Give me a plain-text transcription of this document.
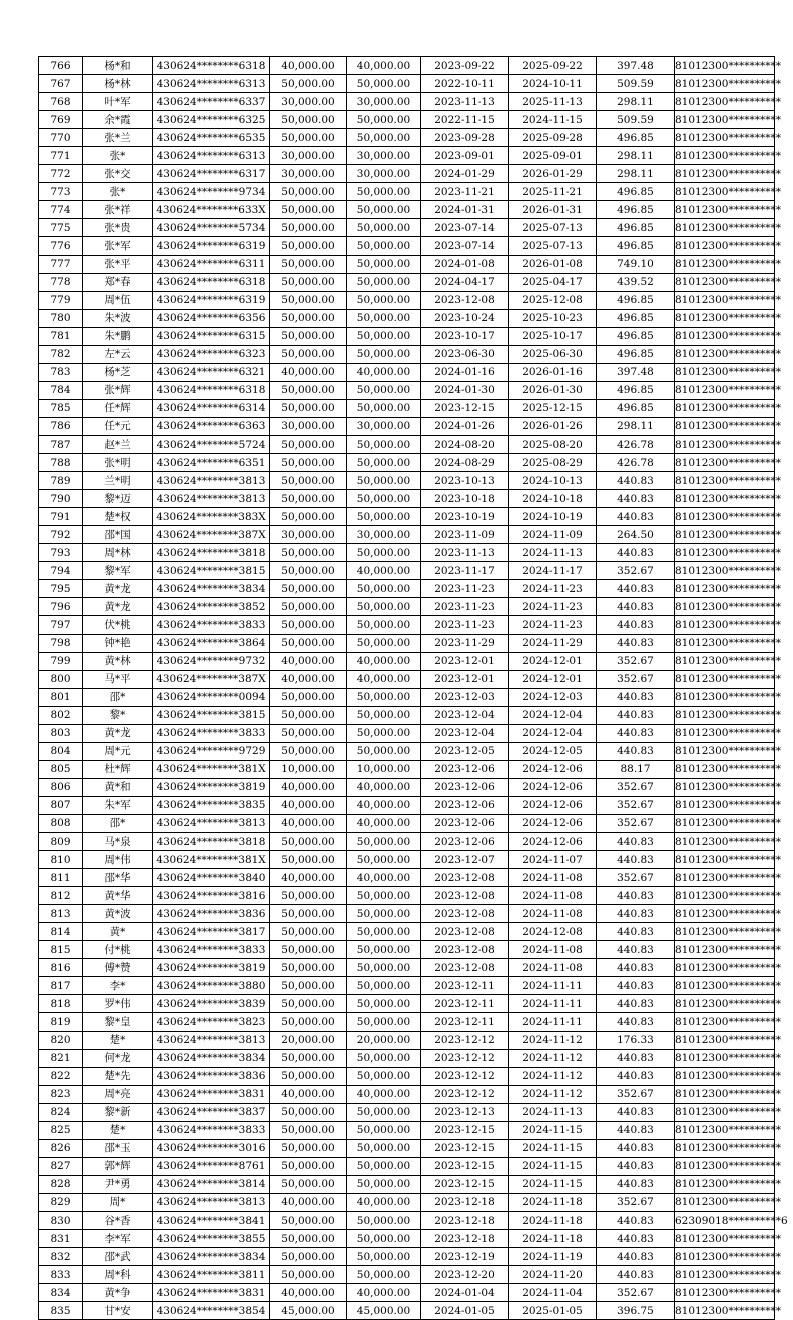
766	杨*和	430624********6318	40,000.00	40,000.00	2023-09-22	2025-09-22	397.48	81012300**********
767	杨*林	430624********6313	50,000.00	50,000.00	2022-10-11	2024-10-11	509.59	81012300**********
768	叶*军	430624********6337	30,000.00	30,000.00	2023-11-13	2025-11-13	298.11	81012300**********
769	余*霞	430624********6325	50,000.00	50,000.00	2022-11-15	2024-11-15	509.59	81012300**********
770	张*兰	430624********6535	50,000.00	50,000.00	2023-09-28	2025-09-28	496.85	81012300**********
771	张*	430624********6313	30,000.00	30,000.00	2023-09-01	2025-09-01	298.11	81012300**********
772	张*交	430624********6317	30,000.00	30,000.00	2024-01-29	2026-01-29	298.11	81012300**********
773	张*	430624********9734	50,000.00	50,000.00	2023-11-21	2025-11-21	496.85	81012300**********
774	张*祥	430624********633X	50,000.00	50,000.00	2024-01-31	2026-01-31	496.85	81012300**********
775	张*贵	430624********5734	50,000.00	50,000.00	2023-07-14	2025-07-13	496.85	81012300**********
776	张*军	430624********6319	50,000.00	50,000.00	2023-07-14	2025-07-13	496.85	81012300**********
777	张*平	430624********6311	50,000.00	50,000.00	2024-01-08	2026-01-08	749.10	81012300**********
778	郑*春	430624********6318	50,000.00	50,000.00	2024-04-17	2025-04-17	439.52	81012300**********
779	周*伍	430624********6319	50,000.00	50,000.00	2023-12-08	2025-12-08	496.85	81012300**********
780	朱*波	430624********6356	50,000.00	50,000.00	2023-10-24	2025-10-23	496.85	81012300**********
781	朱*鹏	430624********6315	50,000.00	50,000.00	2023-10-17	2025-10-17	496.85	81012300**********
782	左*云	430624********6323	50,000.00	50,000.00	2023-06-30	2025-06-30	496.85	81012300**********
783	杨*芝	430624********6321	40,000.00	40,000.00	2024-01-16	2026-01-16	397.48	81012300**********
784	张*辉	430624********6318	50,000.00	50,000.00	2024-01-30	2026-01-30	496.85	81012300**********
785	任*辉	430624********6314	50,000.00	50,000.00	2023-12-15	2025-12-15	496.85	81012300**********
786	任*元	430624********6363	30,000.00	30,000.00	2024-01-26	2026-01-26	298.11	81012300**********
787	赵*兰	430624********5724	50,000.00	50,000.00	2024-08-20	2025-08-20	426.78	81012300**********
788	张*明	430624********6351	50,000.00	50,000.00	2024-08-29	2025-08-29	426.78	81012300**********
789	兰*明	430624********3813	50,000.00	50,000.00	2023-10-13	2024-10-13	440.83	81012300**********
790	黎*迈	430624********3813	50,000.00	50,000.00	2023-10-18	2024-10-18	440.83	81012300**********
791	楚*权	430624********383X	50,000.00	50,000.00	2023-10-19	2024-10-19	440.83	81012300**********
792	邵*国	430624********387X	30,000.00	30,000.00	2023-11-09	2024-11-09	264.50	81012300**********
793	周*林	430624********3818	50,000.00	50,000.00	2023-11-13	2024-11-13	440.83	81012300**********
794	黎*军	430624********3815	50,000.00	40,000.00	2023-11-17	2024-11-17	352.67	81012300**********
795	黄*龙	430624********3834	50,000.00	50,000.00	2023-11-23	2024-11-23	440.83	81012300**********
796	黄*龙	430624********3852	50,000.00	50,000.00	2023-11-23	2024-11-23	440.83	81012300**********
797	伏*桃	430624********3833	50,000.00	50,000.00	2023-11-23	2024-11-23	440.83	81012300**********
798	钟*艳	430624********3864	50,000.00	50,000.00	2023-11-29	2024-11-29	440.83	81012300**********
799	黄*林	430624********9732	40,000.00	40,000.00	2023-12-01	2024-12-01	352.67	81012300**********
800	马*平	430624********387X	40,000.00	40,000.00	2023-12-01	2024-12-01	352.67	81012300**********
801	邵*	430624********0094	50,000.00	50,000.00	2023-12-03	2024-12-03	440.83	81012300**********
802	黎*	430624********3815	50,000.00	50,000.00	2023-12-04	2024-12-04	440.83	81012300**********
803	黄*龙	430624********3833	50,000.00	50,000.00	2023-12-04	2024-12-04	440.83	81012300**********
804	周*元	430624********9729	50,000.00	50,000.00	2023-12-05	2024-12-05	440.83	81012300**********
805	杜*辉	430624********381X	10,000.00	10,000.00	2023-12-06	2024-12-06	88.17	81012300**********
806	黄*和	430624********3819	40,000.00	40,000.00	2023-12-06	2024-12-06	352.67	81012300**********
807	朱*军	430624********3835	40,000.00	40,000.00	2023-12-06	2024-12-06	352.67	81012300**********
808	邵*	430624********3813	40,000.00	40,000.00	2023-12-06	2024-12-06	352.67	81012300**********
809	马*泉	430624********3818	50,000.00	50,000.00	2023-12-06	2024-12-06	440.83	81012300**********
810	周*伟	430624********381X	50,000.00	50,000.00	2023-12-07	2024-11-07	440.83	81012300**********
811	邵*华	430624********3840	40,000.00	40,000.00	2023-12-08	2024-11-08	352.67	81012300**********
812	黄*华	430624********3816	50,000.00	50,000.00	2023-12-08	2024-11-08	440.83	81012300**********
813	黄*波	430624********3836	50,000.00	50,000.00	2023-12-08	2024-11-08	440.83	81012300**********
814	黄*	430624********3817	50,000.00	50,000.00	2023-12-08	2024-12-08	440.83	81012300**********
815	付*桃	430624********3833	50,000.00	50,000.00	2023-12-08	2024-11-08	440.83	81012300**********
816	傅*赞	430624********3819	50,000.00	50,000.00	2023-12-08	2024-11-08	440.83	81012300**********
817	李*	430624********3880	50,000.00	50,000.00	2023-12-11	2024-11-11	440.83	81012300**********
818	罗*伟	430624********3839	50,000.00	50,000.00	2023-12-11	2024-11-11	440.83	81012300**********
819	黎*皇	430624********3823	50,000.00	50,000.00	2023-12-11	2024-11-11	440.83	81012300**********
820	楚*	430624********3813	20,000.00	20,000.00	2023-12-12	2024-11-12	176.33	81012300**********
821	何*龙	430624********3834	50,000.00	50,000.00	2023-12-12	2024-11-12	440.83	81012300**********
822	楚*先	430624********3836	50,000.00	50,000.00	2023-12-12	2024-11-12	440.83	81012300**********
823	周*亮	430624********3831	40,000.00	40,000.00	2023-12-12	2024-11-12	352.67	81012300**********
824	黎*新	430624********3837	50,000.00	50,000.00	2023-12-13	2024-11-13	440.83	81012300**********
825	楚*	430624********3833	50,000.00	50,000.00	2023-12-15	2024-11-15	440.83	81012300**********
826	邵*玉	430624********3016	50,000.00	50,000.00	2023-12-15	2024-11-15	440.83	81012300**********
827	郭*辉	430624********8761	50,000.00	50,000.00	2023-12-15	2024-11-15	440.83	81012300**********
828	尹*勇	430624********3814	50,000.00	50,000.00	2023-12-15	2024-11-15	440.83	81012300**********
829	周*	430624********3813	40,000.00	40,000.00	2023-12-18	2024-11-18	352.67	81012300**********
830	谷*香	430624********3841	50,000.00	50,000.00	2023-12-18	2024-11-18	440.83	62309018**********6
831	李*军	430624********3855	50,000.00	50,000.00	2023-12-18	2024-11-18	440.83	81012300**********
832	邵*武	430624********3834	50,000.00	50,000.00	2023-12-19	2024-11-19	440.83	81012300**********
833	周*科	430624********3811	50,000.00	50,000.00	2023-12-20	2024-11-20	440.83	81012300**********
834	黄*争	430624********3831	40,000.00	40,000.00	2024-01-04	2024-11-04	352.67	81012300**********
835	甘*安	430624********3854	45,000.00	45,000.00	2024-01-05	2025-01-05	396.75	81012300**********
